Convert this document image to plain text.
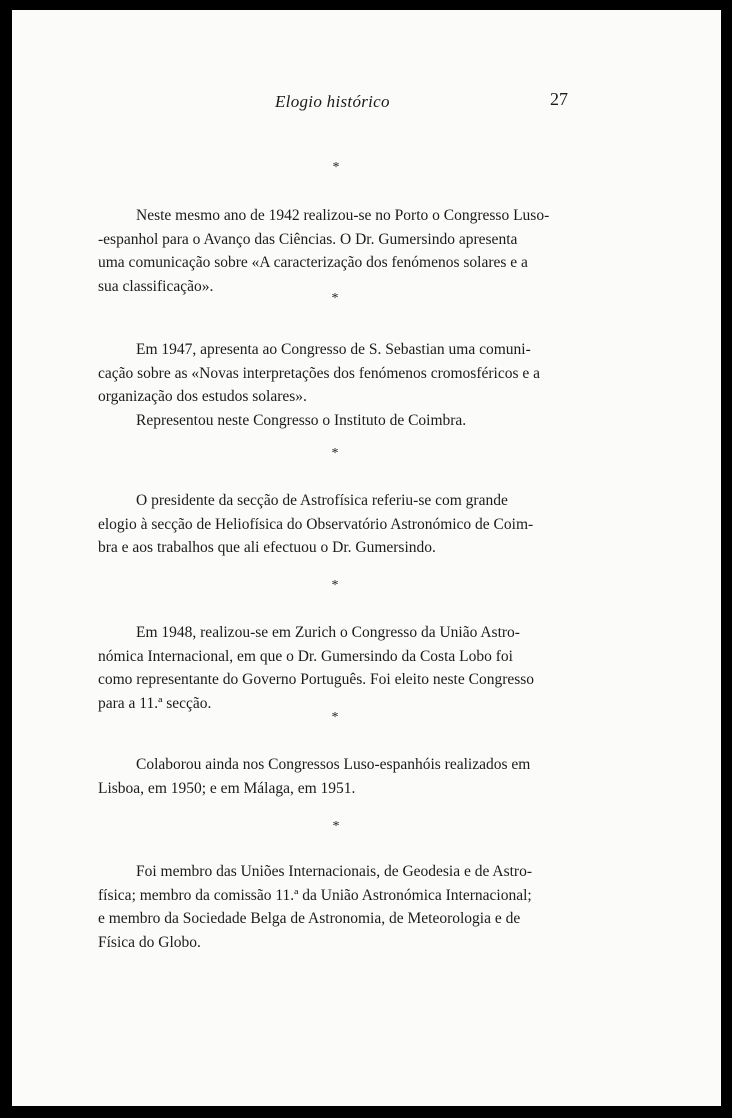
Elogio histórico	27
*
*
*
*
*
*
Neste mesmo ano de 1942 realizou-se no Porto o Congresso Luso-
-espanhol para o Avanço das Ciências. O Dr. Gumersindo apresenta
uma comunicação sobre «A caracterização dos fenómenos solares e a
sua classificação».
Em 1947, apresenta ao Congresso de S. Sebastian uma comuni-
cação sobre as «Novas interpretações dos fenómenos cromosféricos e a
organização dos estudos solares».
Representou neste Congresso o Instituto de Coimbra.
O presidente da secção de Astrofísica referiu-se com grande
elogio à secção de Heliofísica do Observatório Astronómico de Coim-
bra e aos trabalhos que ali efectuou o Dr. Gumersindo.
Em 1948, realizou-se em Zurich o Congresso da União Astro-
nómica Internacional, em que o Dr. Gumersindo da Costa Lobo foi
como representante do Governo Português. Foi eleito neste Congresso
para a 11.ª secção.
Colaborou ainda nos Congressos Luso-espanhóis realizados em
Lisboa, em 1950; e em Málaga, em 1951.
Foi membro das Uniões Internacionais, de Geodesia e de Astro-
física; membro da comissão 11.ª da União Astronómica Internacional;
e membro da Sociedade Belga de Astronomia, de Meteorologia e de
Física do Globo.
